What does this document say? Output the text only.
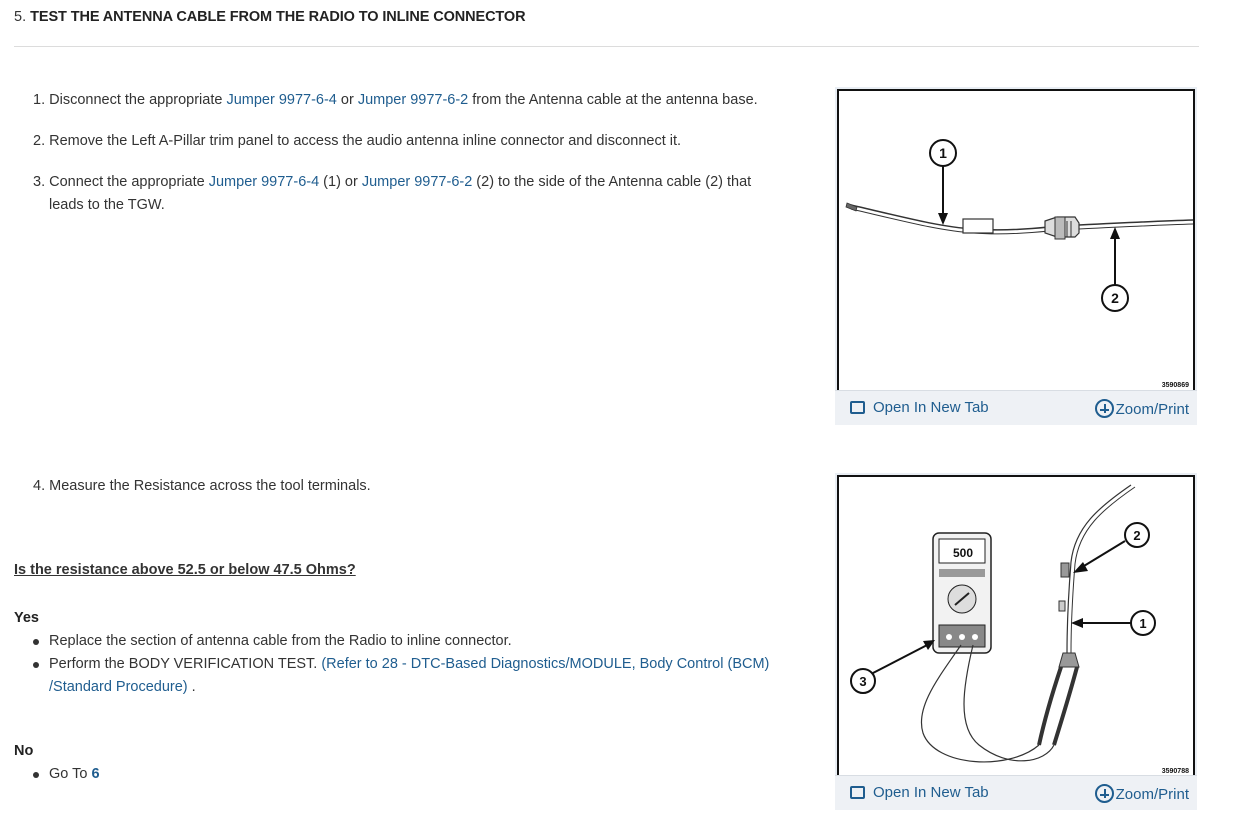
5. TEST THE ANTENNA CABLE FROM THE RADIO TO INLINE CONNECTOR
1. Disconnect the appropriate Jumper 9977-6-4 or Jumper 9977-6-2 from the Antenna cable at the antenna base.
2. Remove the Left A-Pillar trim panel to access the audio antenna inline connector and disconnect it.
3. Connect the appropriate Jumper 9977-6-4 (1) or Jumper 9977-6-2 (2) to the side of the Antenna cable (2) that
leads to the TGW.
4. Measure the Resistance across the tool terminals.
Is the resistance above 52.5 or below 47.5 Ohms?
Yes
Replace the section of antenna cable from the Radio to inline connector.
Perform the BODY VERIFICATION TEST. (Refer to 28 - DTC-Based Diagnostics/MODULE, Body Control (BCM)
/Standard Procedure) .
No
Go To 6
1
2
3590869
Open In New Tab	Zoom/Print
500
2
1
3
3590788
Open In New Tab	Zoom/Print
